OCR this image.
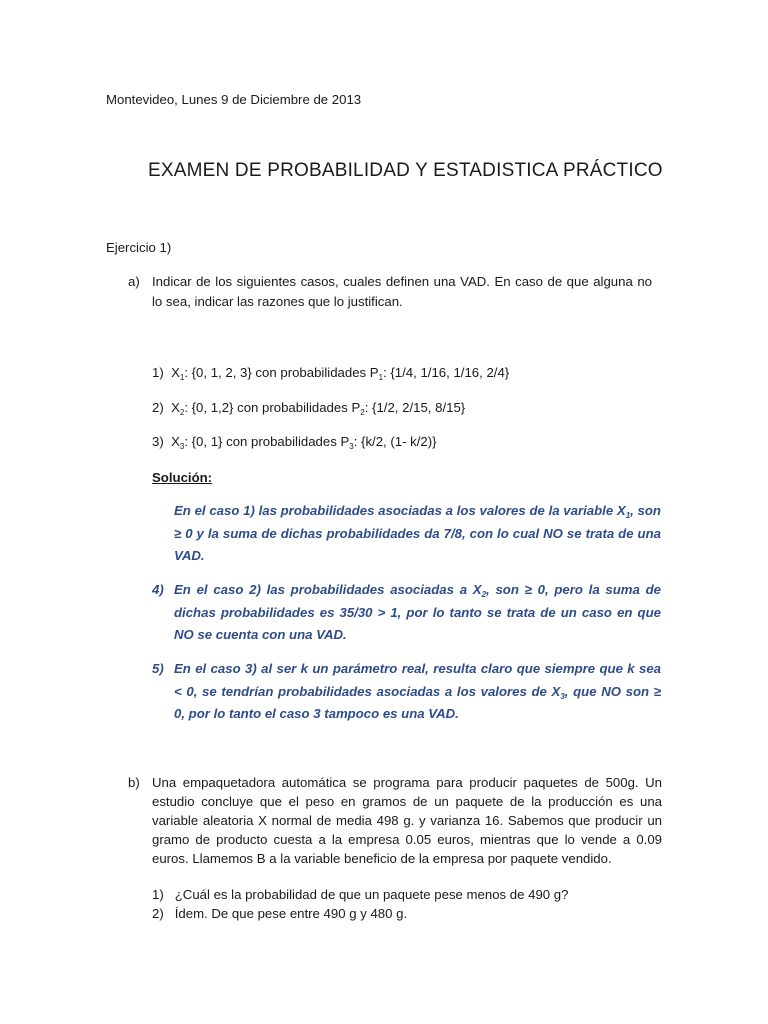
Montevideo, Lunes 9 de Diciembre de 2013
EXAMEN DE PROBABILIDAD Y ESTADISTICA PRÁCTICO
Ejercicio 1)
a) Indicar de los siguientes casos, cuales definen una VAD. En caso de que alguna no lo sea, indicar las razones que lo justifican.
1) $X_1$: {0, 1, 2, 3} con probabilidades $P_1$: {1/4, 1/16, 1/16, 2/4}
2) $X_2$: {0, 1,2} con probabilidades $P_2$: {1/2, 2/15, 8/15}
3) $X_3$: {0, 1} con probabilidades $P_3$: {k/2, (1- k/2)}
Solución:
En el caso 1) las probabilidades asociadas a los valores de la variable $X_1$, son ≥ 0 y la suma de dichas probabilidades da 7/8, con lo cual NO se trata de una VAD.
4) En el caso 2) las probabilidades asociadas a $X_2$, son ≥ 0, pero la suma de dichas probabilidades es 35/30 > 1, por lo tanto se trata de un caso en que NO se cuenta con una VAD.
5) En el caso 3) al ser k un parámetro real, resulta claro que siempre que k sea < 0, se tendrían probabilidades asociadas a los valores de $X_3$, que NO son ≥ 0, por lo tanto el caso 3 tampoco es una VAD.
b) Una empaquetadora automática se programa para producir paquetes de 500g. Un estudio concluye que el peso en gramos de un paquete de la producción es una variable aleatoria X normal de media 498 g. y varianza 16. Sabemos que producir un gramo de producto cuesta a la empresa 0.05 euros, mientras que lo vende a 0.09 euros. Llamemos B a la variable beneficio de la empresa por paquete vendido.
1) ¿Cuál es la probabilidad de que un paquete pese menos de 490 g?
2) Ídem. De que pese entre 490 g y 480 g.
